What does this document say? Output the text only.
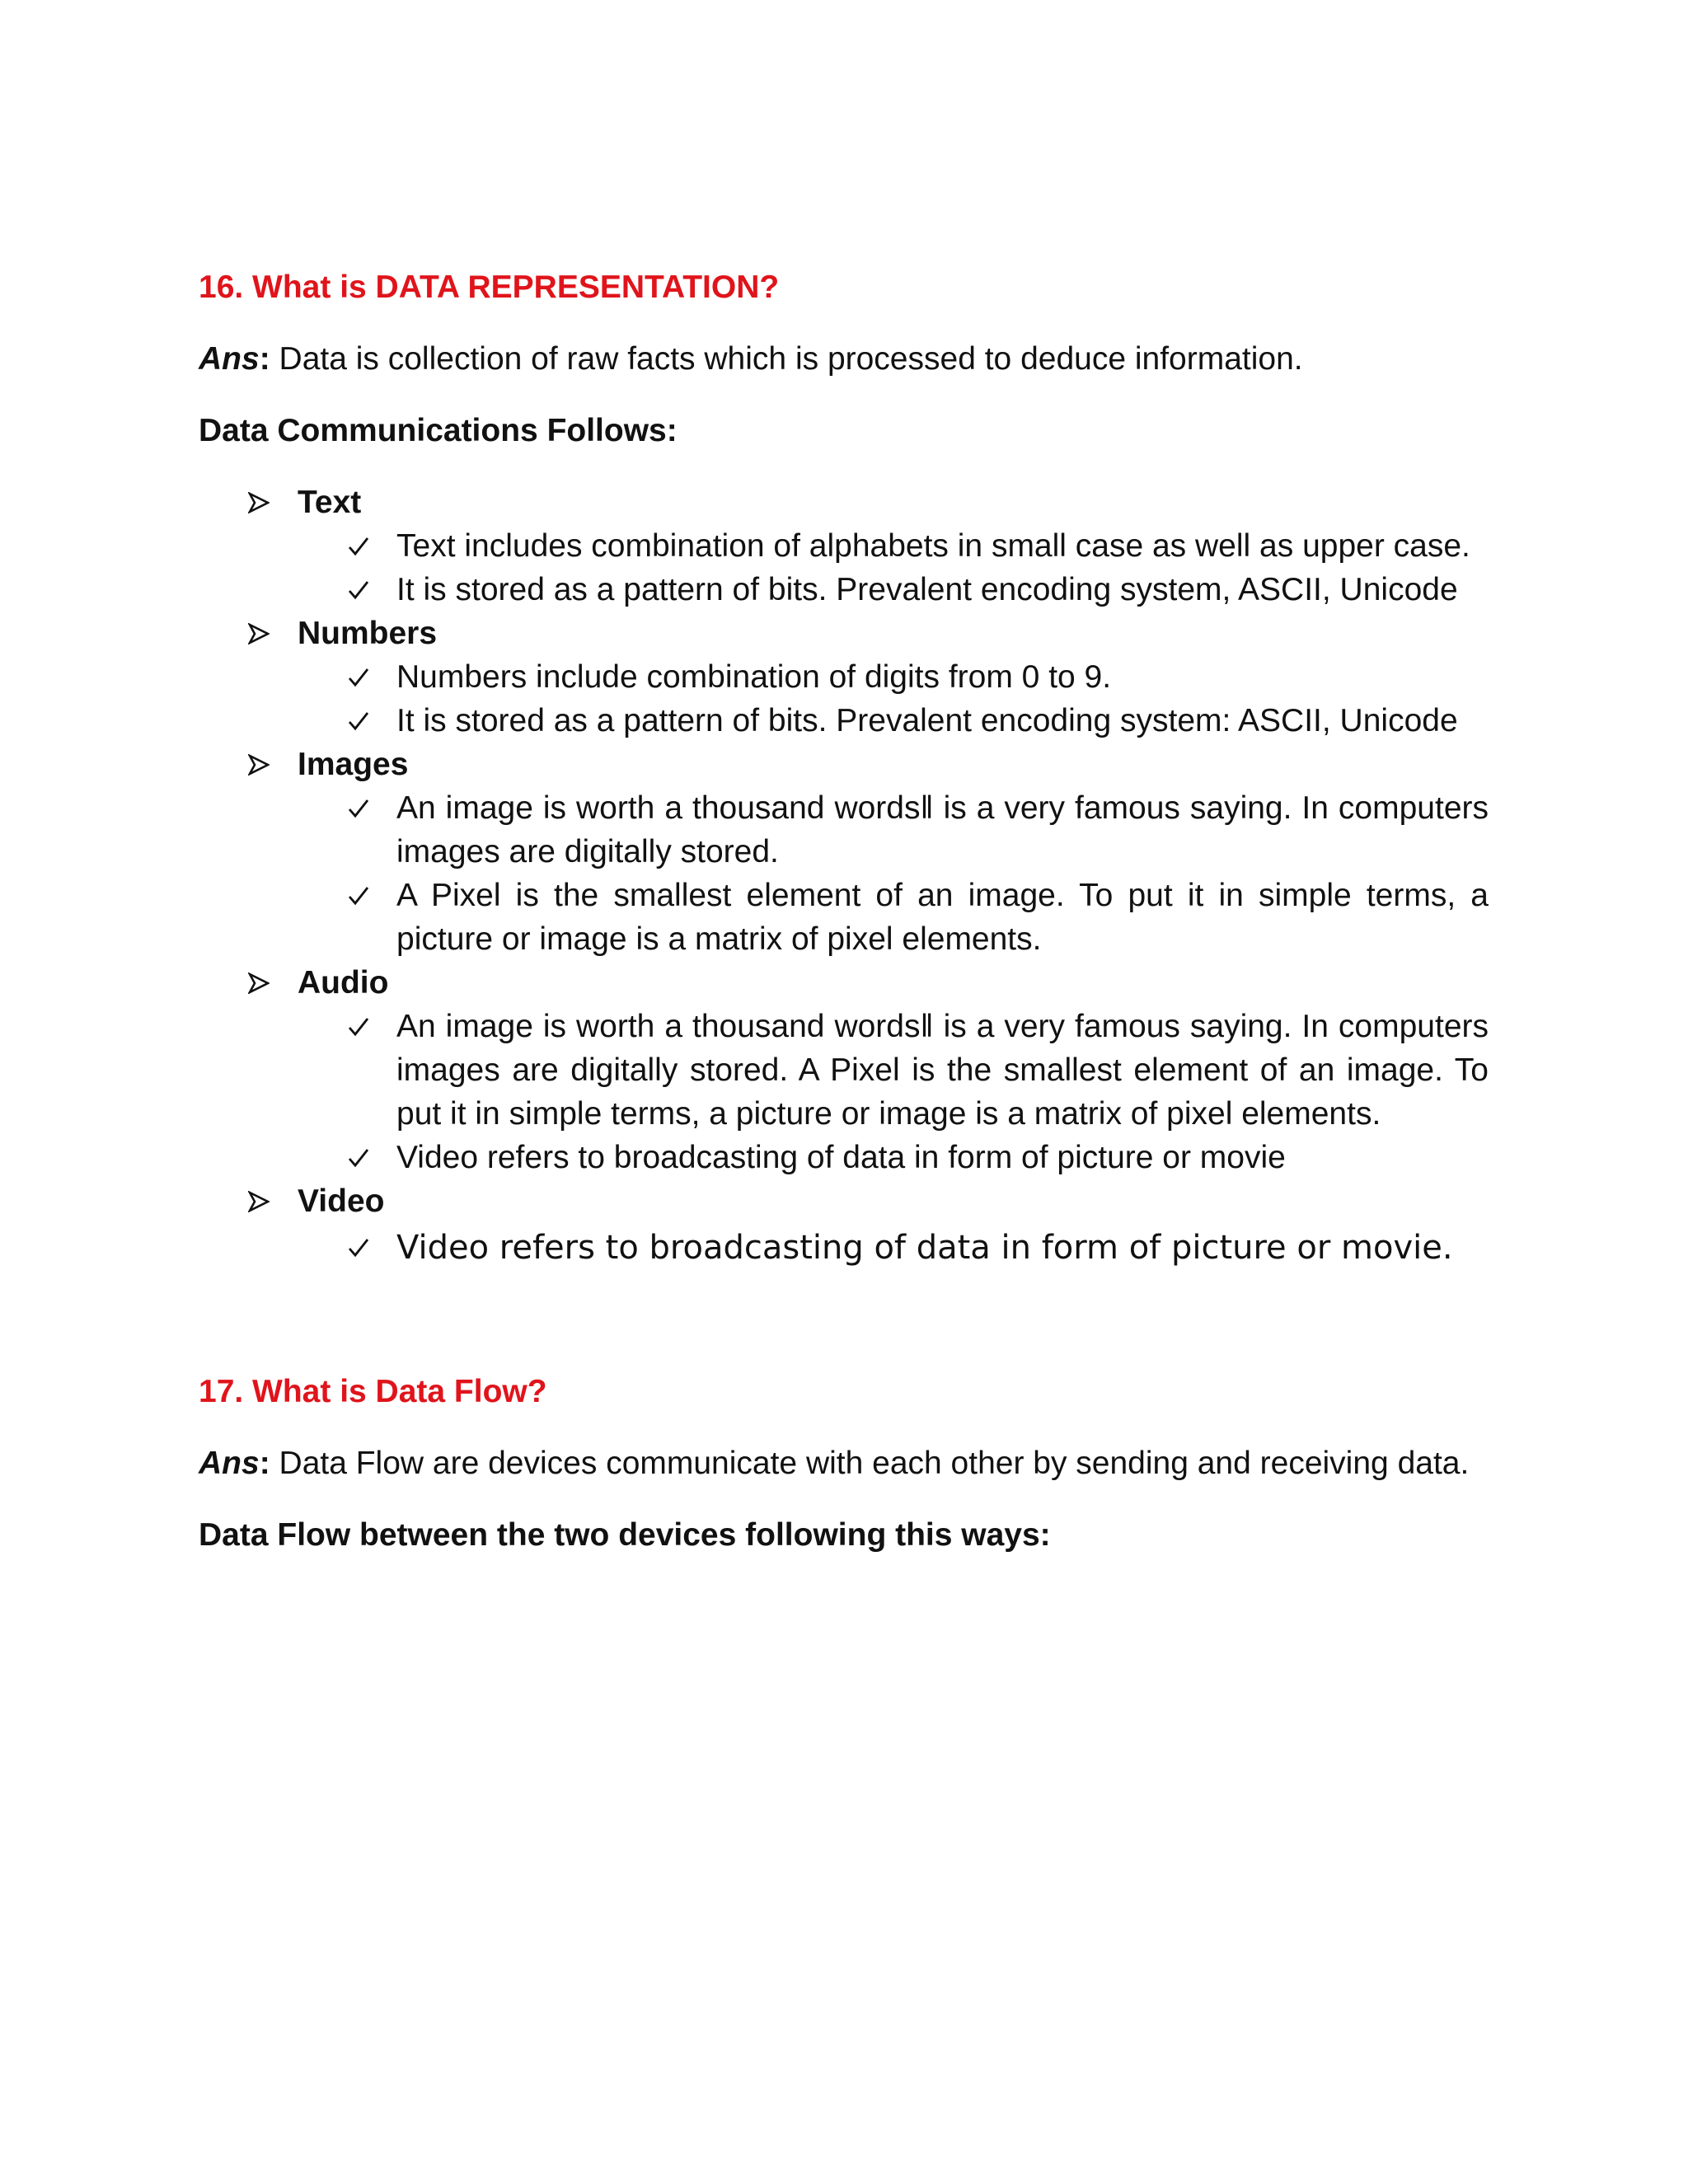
16. What is DATA REPRESENTATION?
Ans: Data is collection of raw facts which is processed to deduce information.
Data Communications Follows:
Text
Text includes combination of alphabets in small case as well as upper case.
It is stored as a pattern of bits. Prevalent encoding system, ASCII, Unicode
Numbers
Numbers include combination of digits from 0 to 9.
It is stored as a pattern of bits. Prevalent encoding system: ASCII, Unicode
Images
An image is worth a thousand words‖ is a very famous saying. In computers images are digitally stored.
A Pixel is the smallest element of an image. To put it in simple terms, a picture or image is a matrix of pixel elements.
Audio
An image is worth a thousand words‖ is a very famous saying. In computers images are digitally stored. A Pixel is the smallest element of an image. To put it in simple terms, a picture or image is a matrix of pixel elements.
Video refers to broadcasting of data in form of picture or movie
Video
Video refers to broadcasting of data in form of picture or movie.
17. What is Data Flow?
Ans: Data Flow are devices communicate with each other by sending and receiving data.
Data Flow between the two devices following this ways:
